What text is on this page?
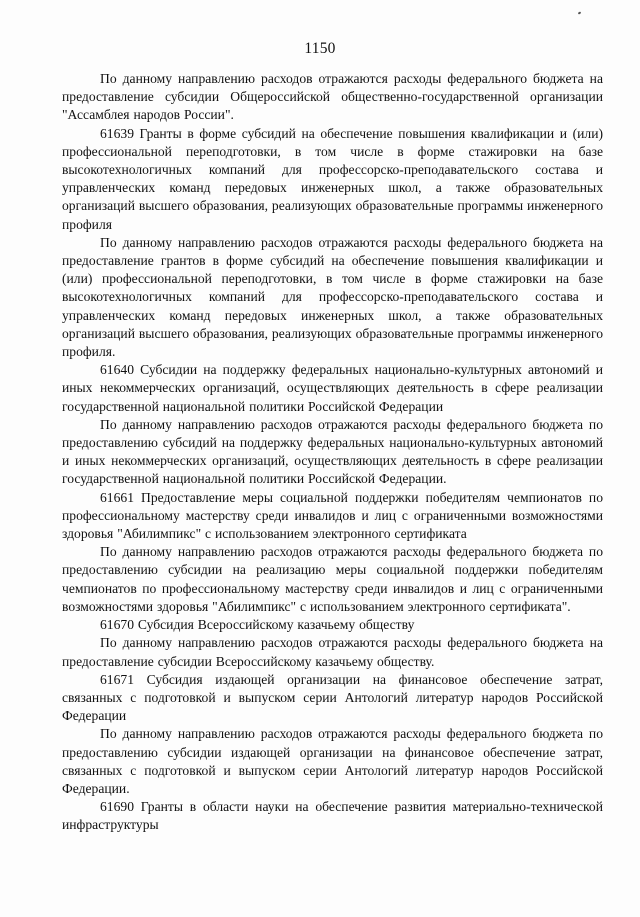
1150

По данному направлению расходов отражаются расходы федерального бюджета на предоставление субсидии Общероссийской общественно-государственной организации "Ассамблея народов России".

61639 Гранты в форме субсидий на обеспечение повышения квалификации и (или) профессиональной переподготовки, в том числе в форме стажировки на базе высокотехнологичных компаний для профессорско-преподавательского состава и управленческих команд передовых инженерных школ, а также образовательных организаций высшего образования, реализующих образовательные программы инженерного профиля

По данному направлению расходов отражаются расходы федерального бюджета на предоставление грантов в форме субсидий на обеспечение повышения квалификации и (или) профессиональной переподготовки, в том числе в форме стажировки на базе высокотехнологичных компаний для профессорско-преподавательского состава и управленческих команд передовых инженерных школ, а также образовательных организаций высшего образования, реализующих образовательные программы инженерного профиля.

61640 Субсидии на поддержку федеральных национально-культурных автономий и иных некоммерческих организаций, осуществляющих деятельность в сфере реализации государственной национальной политики Российской Федерации

По данному направлению расходов отражаются расходы федерального бюджета по предоставлению субсидий на поддержку федеральных национально-культурных автономий и иных некоммерческих организаций, осуществляющих деятельность в сфере реализации государственной национальной политики Российской Федерации.

61661 Предоставление меры социальной поддержки победителям чемпионатов по профессиональному мастерству среди инвалидов и лиц с ограниченными возможностями здоровья "Абилимпикс" с использованием электронного сертификата

По данному направлению расходов отражаются расходы федерального бюджета по предоставлению субсидии на реализацию меры социальной поддержки победителям чемпионатов по профессиональному мастерству среди инвалидов и лиц с ограниченными возможностями здоровья "Абилимпикс" с использованием электронного сертификата".

61670 Субсидия Всероссийскому казачьему обществу

По данному направлению расходов отражаются расходы федерального бюджета на предоставление субсидии Всероссийскому казачьему обществу.

61671 Субсидия издающей организации на финансовое обеспечение затрат, связанных с подготовкой и выпуском серии Антологий литератур народов Российской Федерации

По данному направлению расходов отражаются расходы федерального бюджета по предоставлению субсидии издающей организации на финансовое обеспечение затрат, связанных с подготовкой и выпуском серии Антологий литератур народов Российской Федерации.

61690 Гранты в области науки на обеспечение развития материально-технической инфраструктуры
